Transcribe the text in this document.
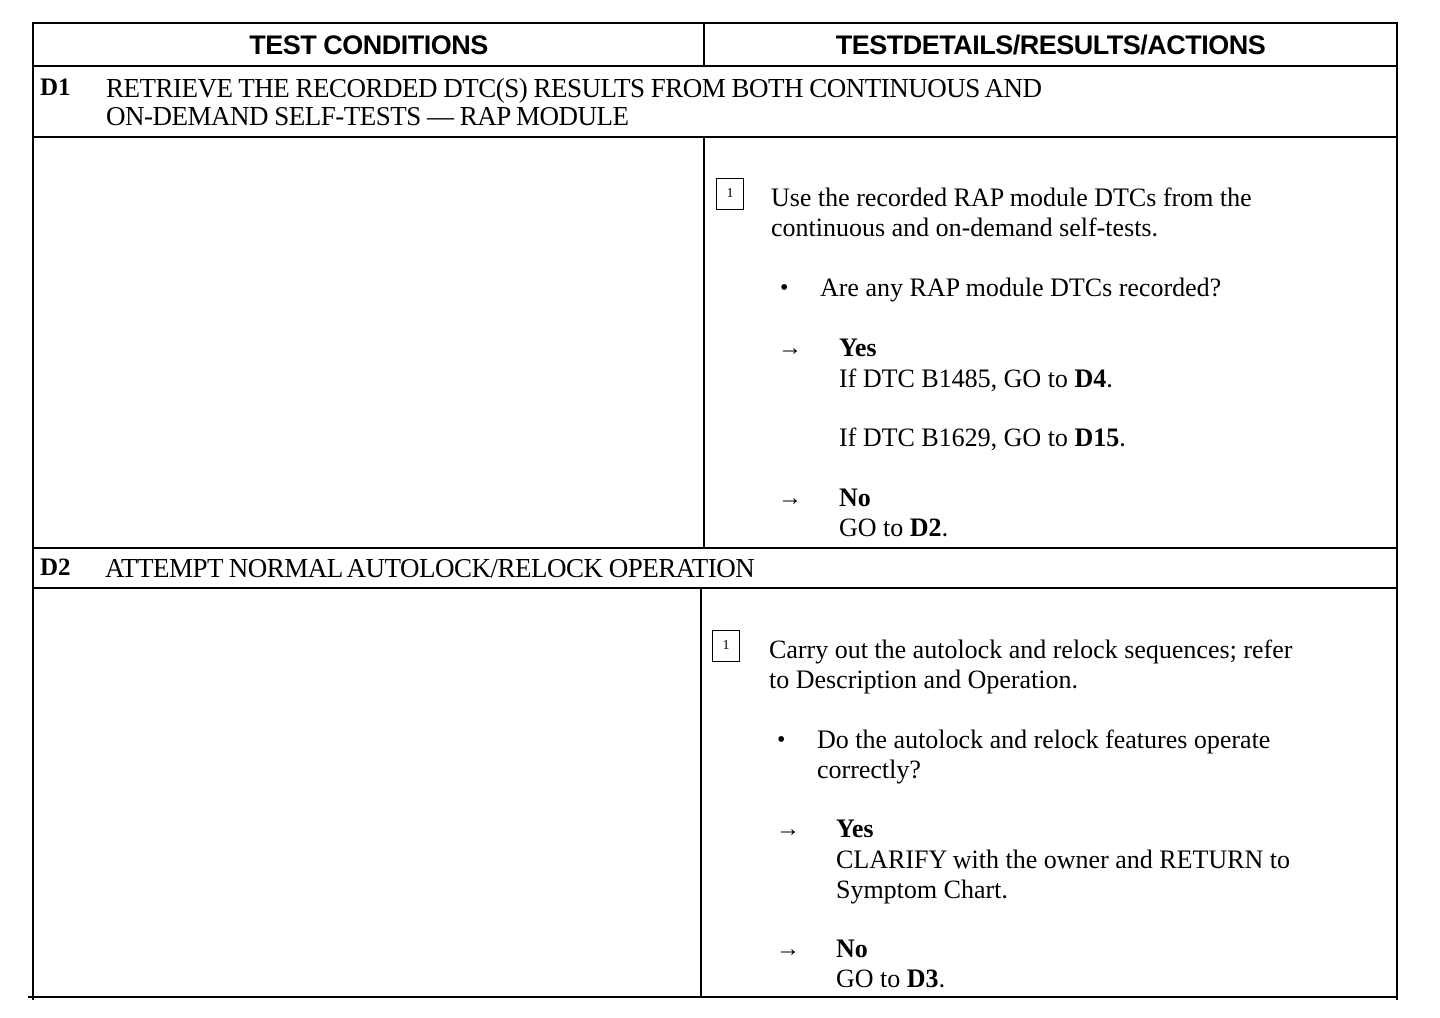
TEST CONDITIONS	TESTDETAILS/RESULTS/ACTIONS
D1 RETRIEVE THE RECORDED DTC(S) RESULTS FROM BOTH CONTINUOUS AND
ON-DEMAND SELF-TESTS — RAP MODULE
1	Use the recorded RAP module DTCs from the
continuous and on-demand self-tests.
• Are any RAP module DTCs recorded?
→ Yes
If DTC B1485, GO to D4.
If DTC B1629, GO to D15.
→ No
GO to D2.
D2 ATTEMPT NORMAL AUTOLOCK/RELOCK OPERATION
1	Carry out the autolock and relock sequences; refer
to Description and Operation.
• Do the autolock and relock features operate
correctly?
→ Yes
CLARIFY with the owner and RETURN to
Symptom Chart.
→ No
GO to D3.
